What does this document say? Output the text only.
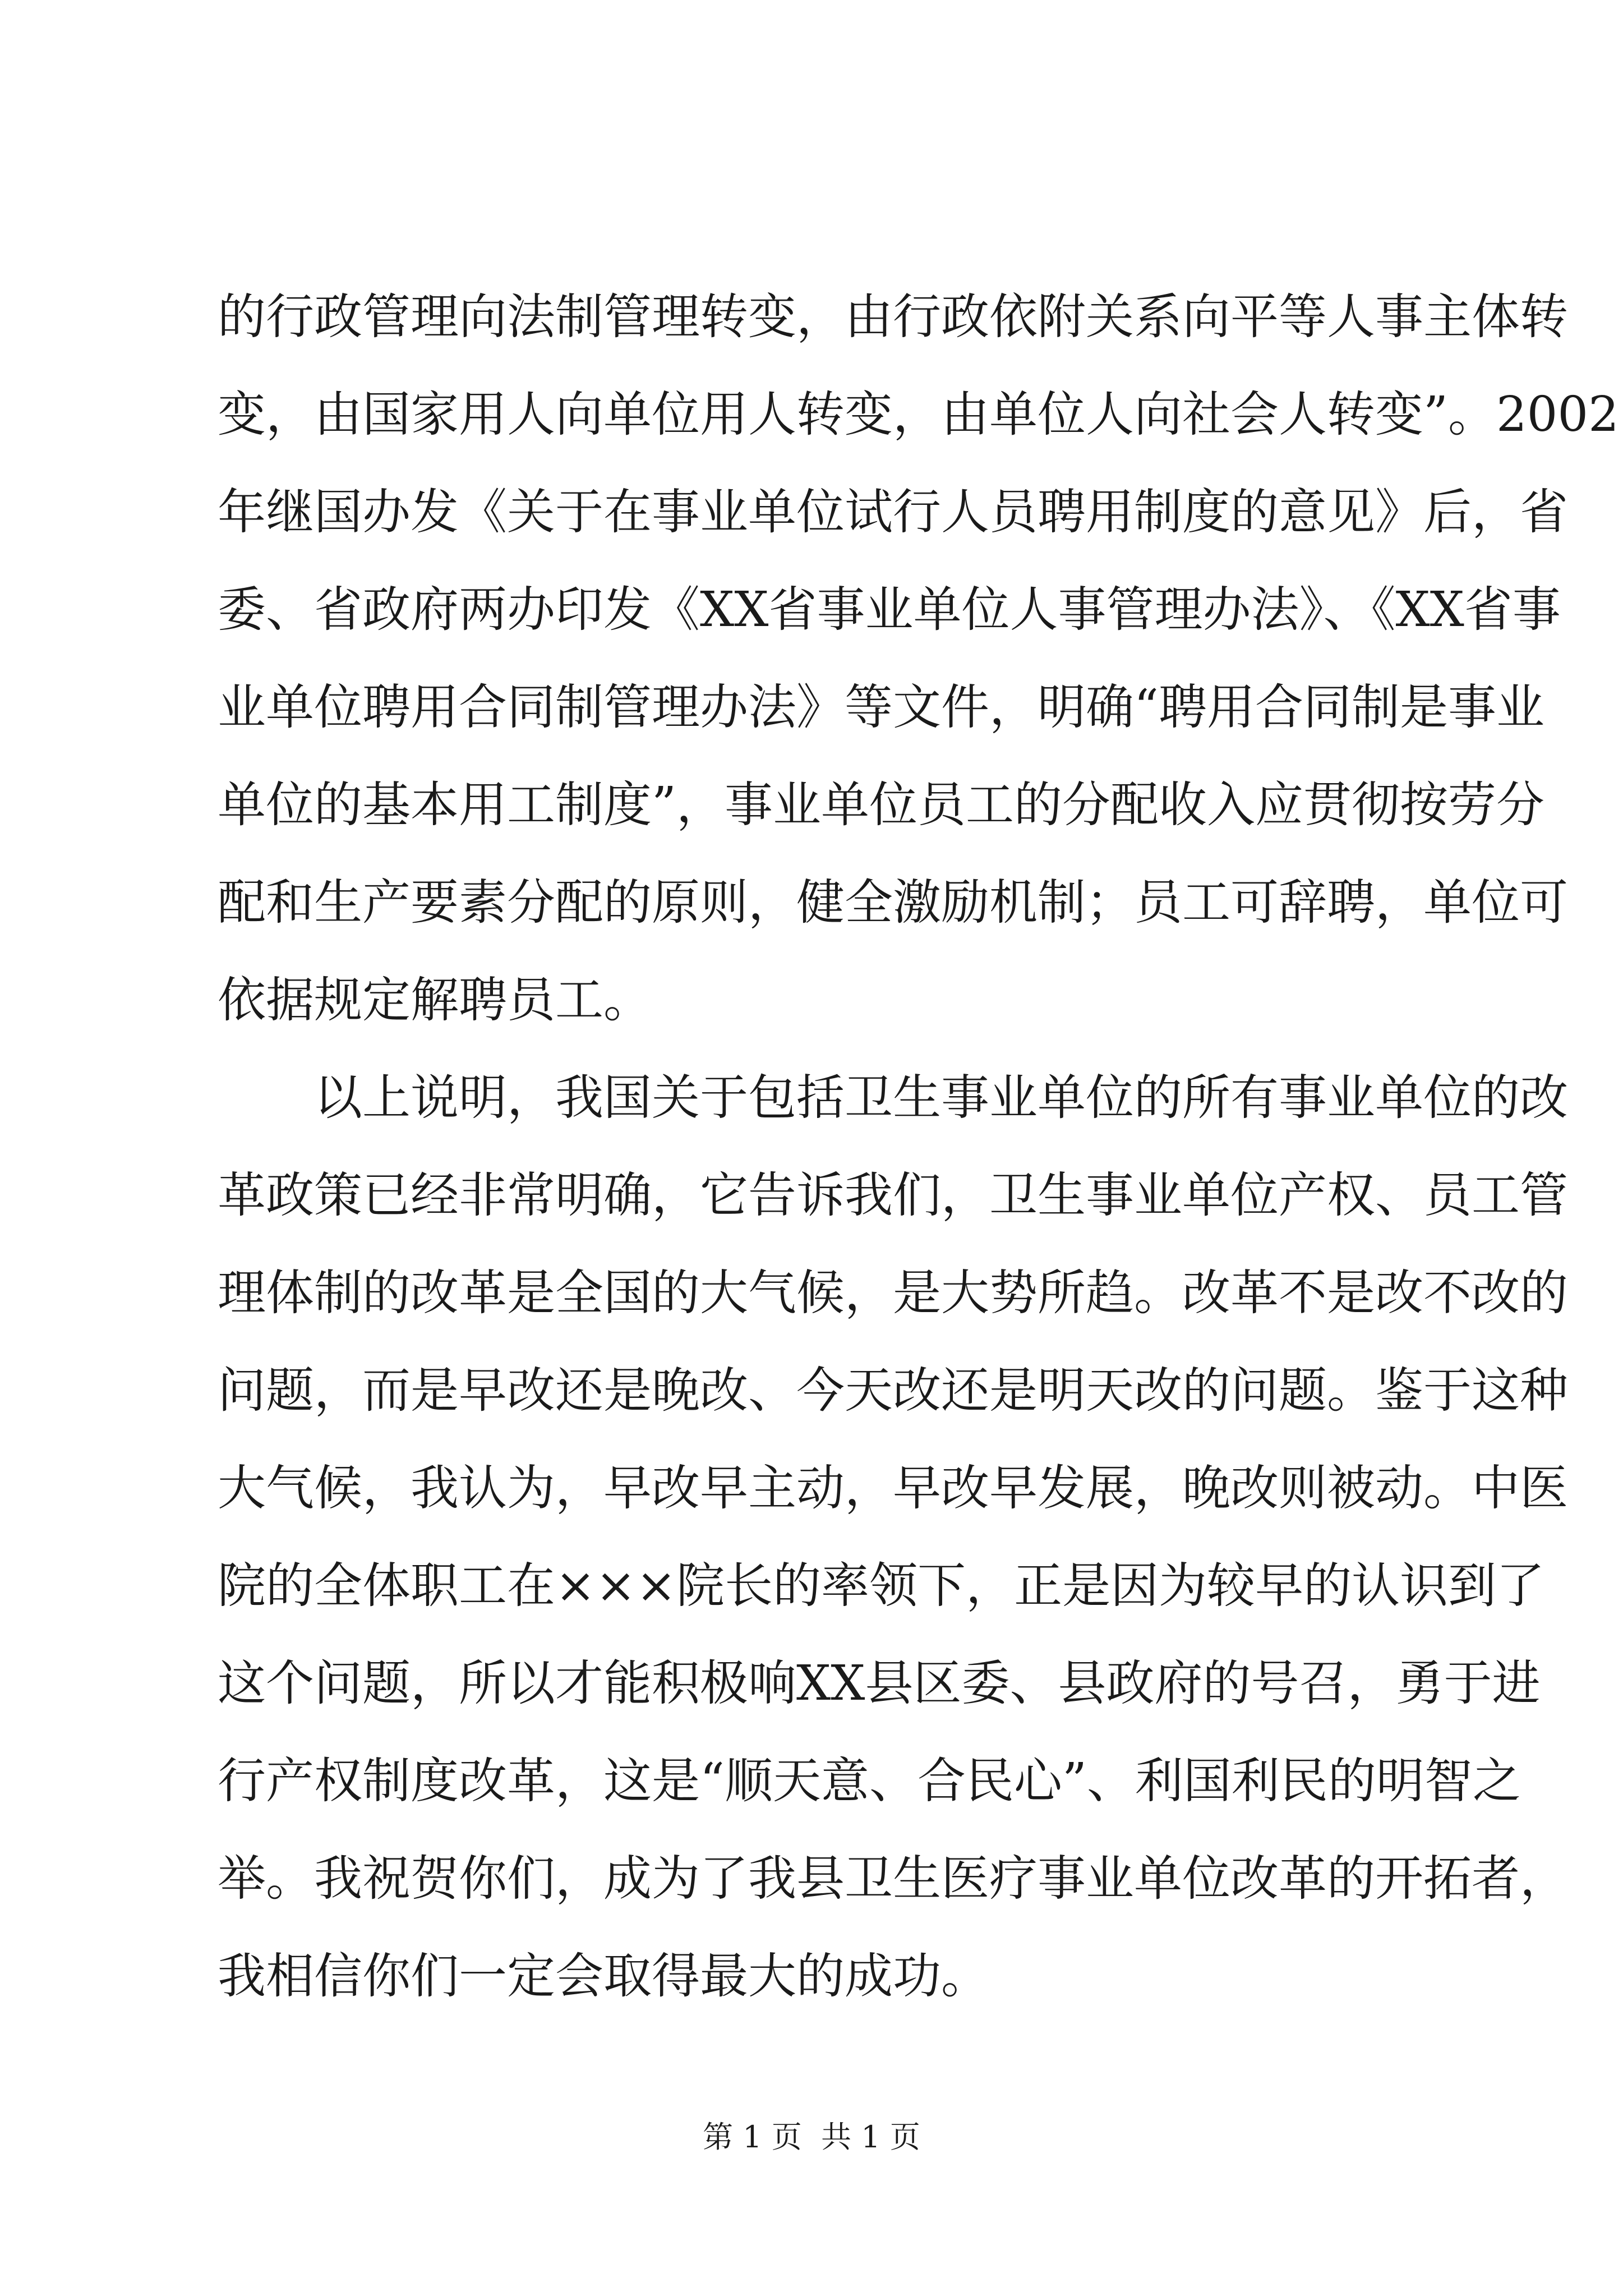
的行政管理向法制管理转变，由行政依附关系向平等人事主体转
变，由国家用人向单位用人转变，由单位人向社会人转变”。2002
年继国办发《关于在事业单位试行人员聘用制度的意见》后，省
委、省政府两办印发《XX省事业单位人事管理办法》、《XX省事
业单位聘用合同制管理办法》等文件，明确“聘用合同制是事业
单位的基本用工制度”，事业单位员工的分配收入应贯彻按劳分
配和生产要素分配的原则，健全激励机制；员工可辞聘，单位可
依据规定解聘员工。
以上说明，我国关于包括卫生事业单位的所有事业单位的改
革政策已经非常明确，它告诉我们，卫生事业单位产权、员工管
理体制的改革是全国的大气候，是大势所趋。改革不是改不改的
问题，而是早改还是晚改、今天改还是明天改的问题。鉴于这种
大气候，我认为，早改早主动，早改早发展，晚改则被动。中医
院的全体职工在×××院长的率领下，正是因为较早的认识到了
这个问题，所以才能积极响XX县区委、县政府的号召，勇于进
行产权制度改革，这是“顺天意、合民心”、利国利民的明智之
举。我祝贺你们，成为了我县卫生医疗事业单位改革的开拓者，
我相信你们一定会取得最大的成功。
第 1 页  共 1 页
